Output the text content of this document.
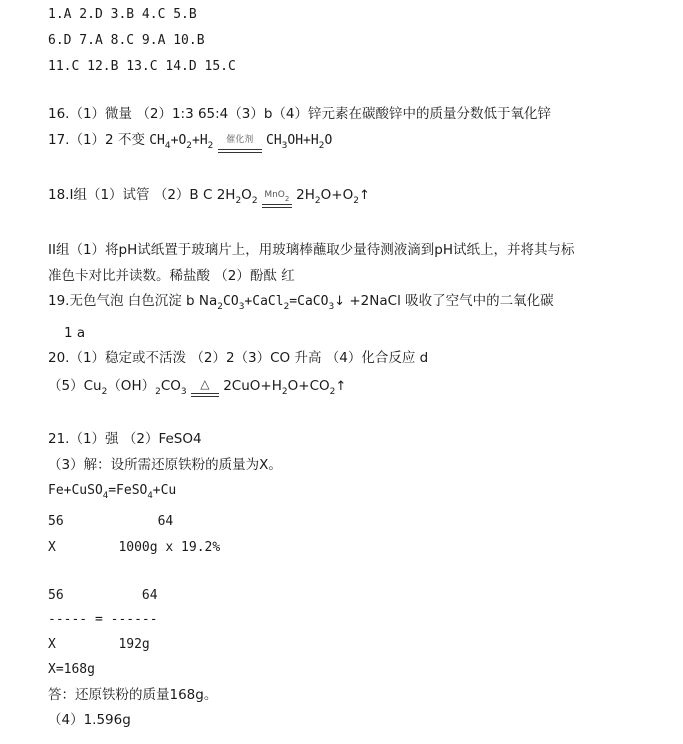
1.A 2.D 3.B 4.C 5.B
6.D 7.A 8.C 9.A 10.B
11.C 12.B 13.C 14.D 15.C
16.（1）微量 （2）1:3 65:4（3）b（4）锌元素在碳酸锌中的质量分数低于氧化锌
17.（1）2 不变 $CH_4+O_2+H_2$ 催化剂 $CH_3OH+H_2O$
18.I组（1）试管 （2）B C $2H_2O_2$ MnO$_2$ $2H_2O+O_2↑$
II组（1）将pH试纸置于玻璃片上，用玻璃棒蘸取少量待测液滴到pH试纸上，并将其与标
准色卡对比并读数。稀盐酸 （2）酚酞 红
19.无色气泡 白色沉淀 b $Na_2CO_3+CaCl_2=CaCO_3↓$ +2NaCl 吸收了空气中的二氧化碳
1 a
20.（1）稳定或不活泼 （2）2（3）CO 升高 （4）化合反应 d
$(5)Cu_2(OH)_2CO_3$ △ $2CuO+H_2O+CO_2↑$
21.（1）强 （2）FeSO4
（3）解：设所需还原铁粉的质量为X。
Fe+CuSO$_4$=FeSO$_4$+Cu
56            64
X        1000g x 19.2%
56          64
----- = ------
X        192g
X=168g
答：还原铁粉的质量168g。
（4）1.596g
